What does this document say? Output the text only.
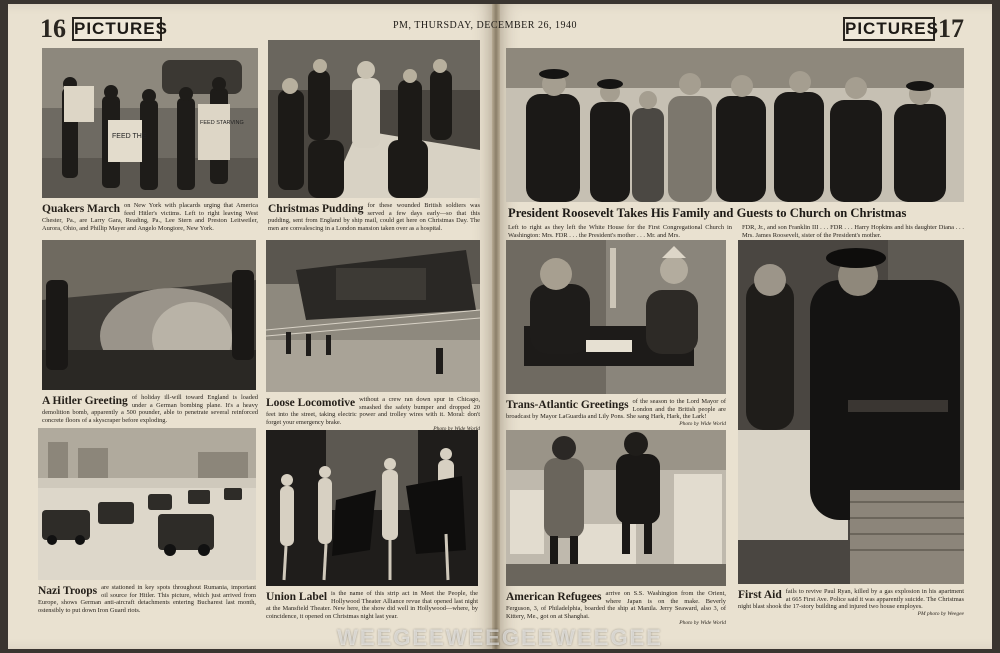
16 PICTURES	PM, THURSDAY, DECEMBER 26, 1940	PICTURES 17
FEED THE
FEED STARVING
Quakers March on New York with placards urging that America feed Hitler's victims. Left to right leaving West Chester, Pa., are Larry Gara, Reading, Pa., Lee Stern and Preston Leitweiler, Aurora, Ohio, and Phillip Mayer and Angelo Mongiore, New York.
Christmas Pudding for these wounded British soldiers was served a few days early—so that this pudding, sent from England by ship mail, could get here on Christmas Day. The men are convalescing in a London mansion taken over as a hospital.
A Hitler Greeting of holiday ill-will toward England is loaded under a German bombing plane. It's a heavy demolition bomb, apparently a 500 pounder, able to penetrate several reinforced concrete floors of a skyscraper before exploding.
Loose Locomotive without a crew ran down spur in Chicago, smashed the safety bumper and dropped 20 feet into the street, taking electric power and trolley wires with it. Moral: don't forget your emergency brake.
Photo by Wide World
Nazi Troops are stationed in key spots throughout Rumania, important oil source for Hitler. This picture, which just arrived from Europe, shows German anti-aircraft detachments entering Bucharest last month, ostensibly to put down Iron Guard riots.
Union Label is the name of this strip act in Meet the People, the Hollywood Theater Alliance revue that opened last night at the Mansfield Theater. New here, the show did well in Hollywood—where, by coincidence, it opened on Christmas night last year.
President Roosevelt Takes His Family and Guests to Church on Christmas
Left to right as they left the White House for the First Congregational Church in Washington: Mrs. FDR . . . the President's mother . . . Mr. and Mrs.
FDR, Jr., and son Franklin III . . . FDR . . . Harry Hopkins and his daughter Diana . . . Mrs. James Roosevelt, sister of the President's mother.
Trans-Atlantic Greetings of the season to the Lord Mayor of London and the British people are broadcast by Mayor LaGuardia and Lily Pons. She sang Hark, Hark, the Lark!
Photo by Wide World
American Refugees arrive on S.S. Washington from the Orient, where Japan is on the make. Beverly Ferguson, 3, of Philadelphia, boarded the ship at Manila. Jerry Seaward, also 3, of Kittery, Me., got on at Shanghai.
Photo by Wide World
First Aid fails to revive Paul Ryan, killed by a gas explosion in his apartment at 665 First Ave. Police said it was apparently suicide. The Christmas night blast shook the 17-story building and injured two house employes.
PM photo by Weegee
WEEGEEWEEGEEWEEGEE
